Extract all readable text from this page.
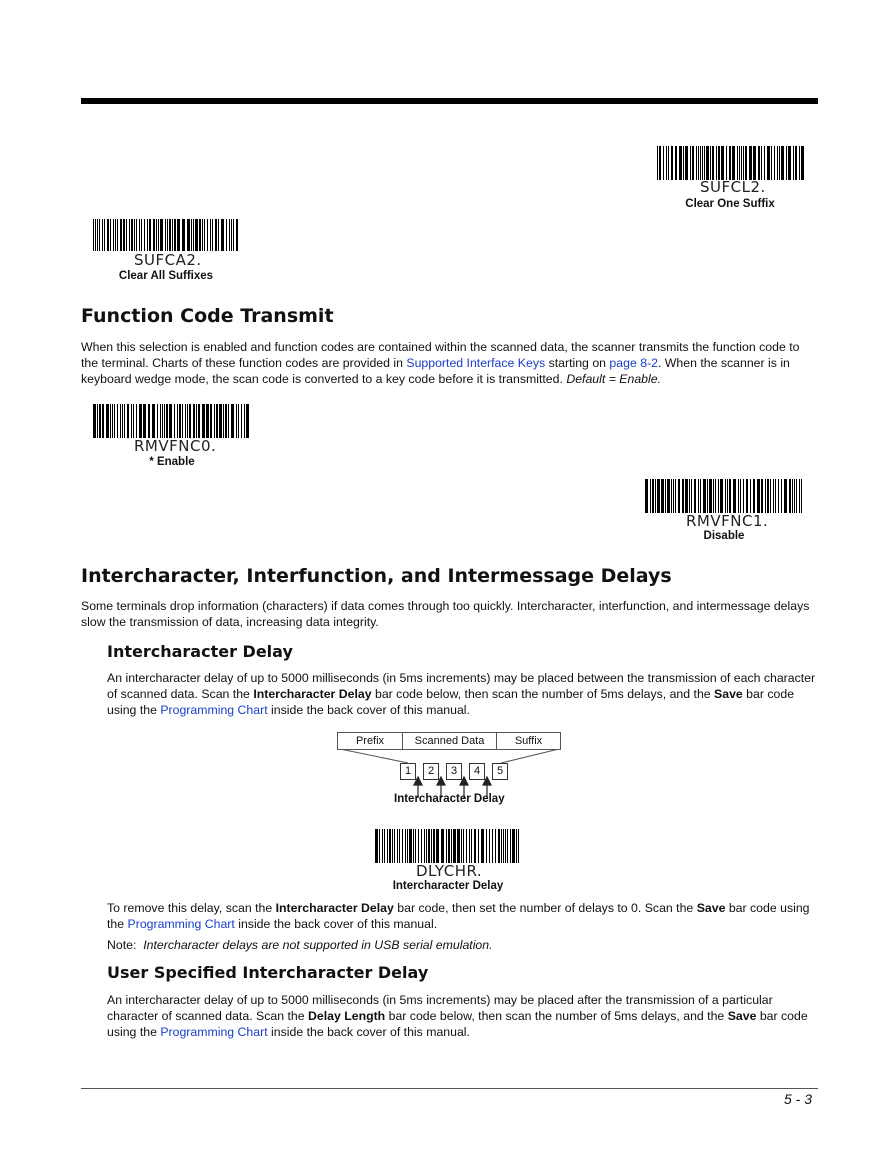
SUFCL2.
Clear One Suffix
SUFCA2.
Clear All Suffixes
Function Code Transmit
When this selection is enabled and function codes are contained within the scanned data, the scanner transmits the function code to the terminal. Charts of these function codes are provided in Supported Interface Keys starting on page 8-2. When the scanner is in keyboard wedge mode, the scan code is converted to a key code before it is transmitted. Default = Enable.
RMVFNC0.
* Enable
RMVFNC1.
Disable
Intercharacter, Interfunction, and Intermessage Delays
Some terminals drop information (characters) if data comes through too quickly. Intercharacter, interfunction, and intermessage delays slow the transmission of data, increasing data integrity.
Intercharacter Delay
An intercharacter delay of up to 5000 milliseconds (in 5ms increments) may be placed between the transmission of each character of scanned data. Scan the Intercharacter Delay bar code below, then scan the number of 5ms delays, and the Save bar code using the Programming Chart inside the back cover of this manual.
Prefix	Scanned Data	Suffix
1	2	3	4	5
Intercharacter Delay
DLYCHR.
Intercharacter Delay
To remove this delay, scan the Intercharacter Delay bar code, then set the number of delays to 0. Scan the Save bar code using the Programming Chart inside the back cover of this manual.
Note: Intercharacter delays are not supported in USB serial emulation.
User Specified Intercharacter Delay
An intercharacter delay of up to 5000 milliseconds (in 5ms increments) may be placed after the transmission of a particular character of scanned data. Scan the Delay Length bar code below, then scan the number of 5ms delays, and the Save bar code using the Programming Chart inside the back cover of this manual.
5 - 3
